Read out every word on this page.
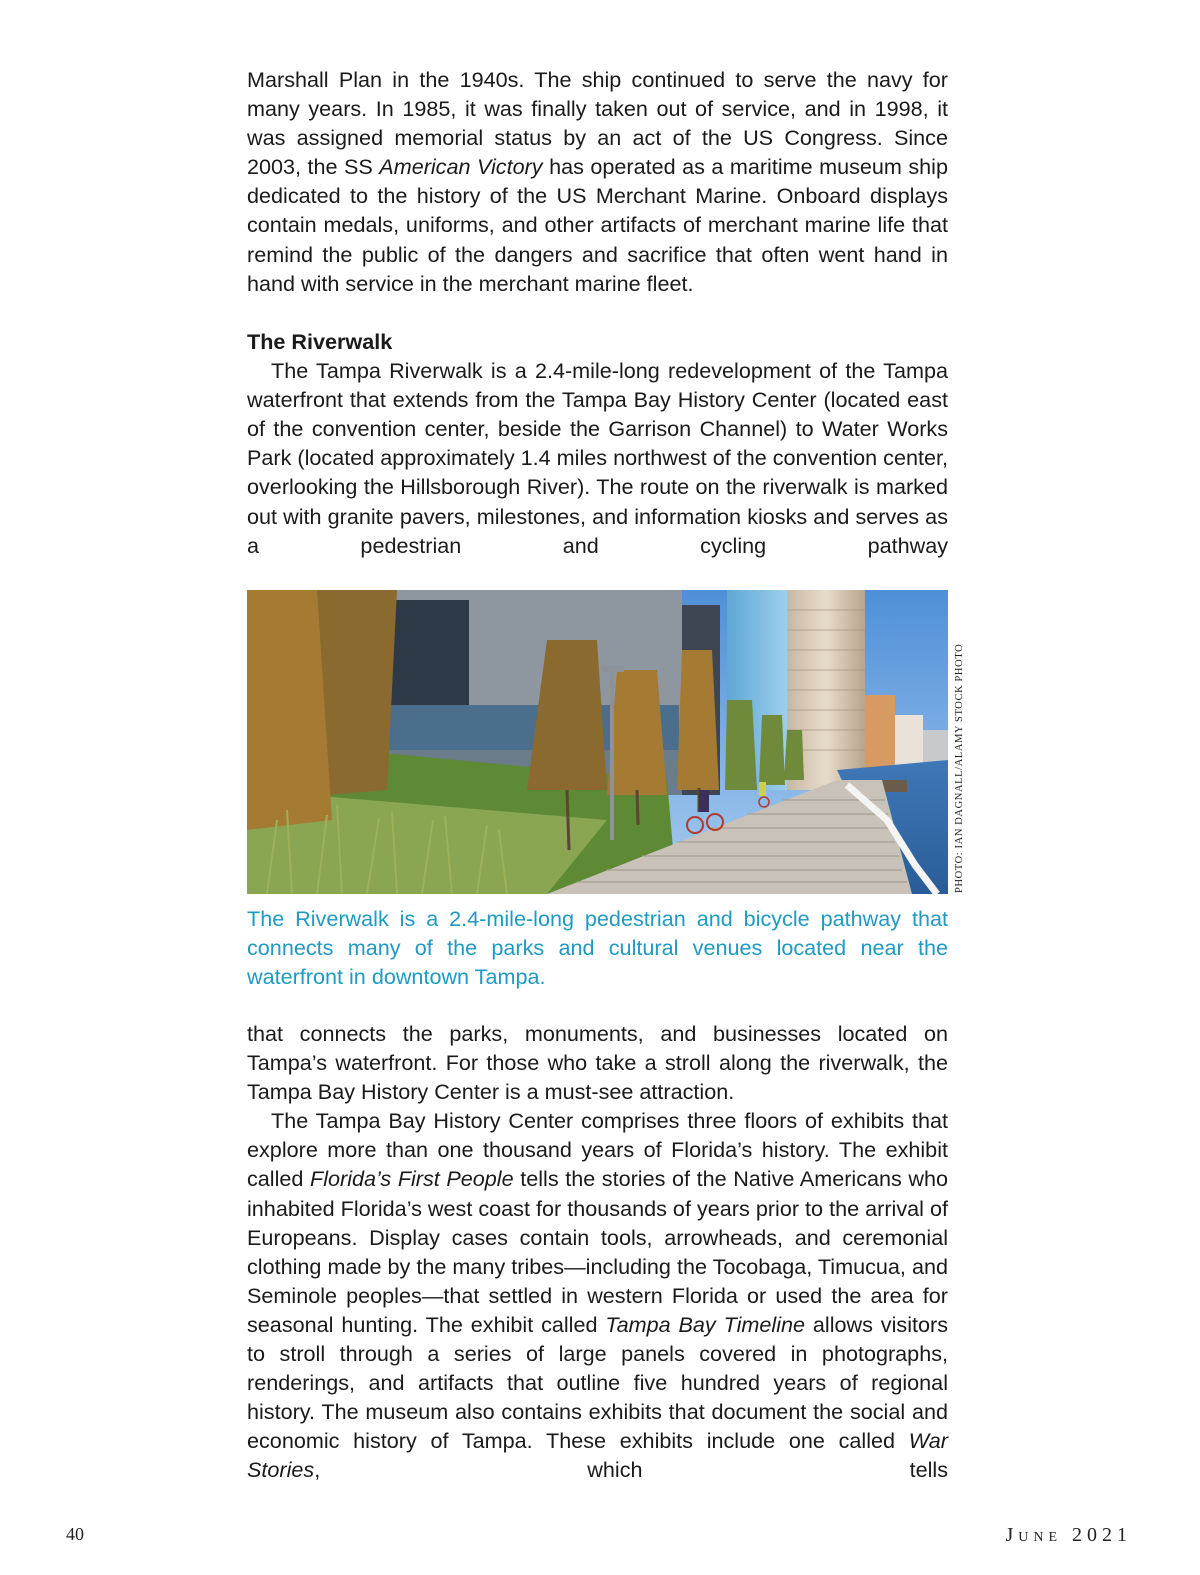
Marshall Plan in the 1940s. The ship continued to serve the navy for many years. In 1985, it was finally taken out of service, and in 1998, it was assigned memorial status by an act of the US Congress. Since 2003, the SS American Victory has operated as a maritime museum ship dedicated to the history of the US Merchant Marine. Onboard displays contain medals, uniforms, and other artifacts of merchant marine life that remind the public of the dangers and sacrifice that often went hand in hand with service in the merchant marine fleet.

The Riverwalk

The Tampa Riverwalk is a 2.4-mile-long redevelopment of the Tampa waterfront that extends from the Tampa Bay History Center (located east of the convention center, beside the Garrison Channel) to Water Works Park (located approximately 1.4 miles northwest of the convention center, overlooking the Hillsborough River). The route on the riverwalk is marked out with granite pavers, milestones, and information kiosks and serves as a pedestrian and cycling pathway

PHOTO: IAN DAGNALL/ALAMY STOCK PHOTO

The Riverwalk is a 2.4-mile-long pedestrian and bicycle pathway that connects many of the parks and cultural venues located near the waterfront in downtown Tampa.

that connects the parks, monuments, and businesses located on Tampa’s waterfront. For those who take a stroll along the riverwalk, the Tampa Bay History Center is a must-see attraction.

The Tampa Bay History Center comprises three floors of exhibits that explore more than one thousand years of Florida’s history. The exhibit called Florida’s First People tells the stories of the Native Americans who inhabited Florida’s west coast for thousands of years prior to the arrival of Europeans. Display cases contain tools, arrowheads, and ceremonial clothing made by the many tribes—including the Tocobaga, Timucua, and Seminole peoples—that settled in western Florida or used the area for seasonal hunting. The exhibit called Tampa Bay Timeline allows visitors to stroll through a series of large panels covered in photographs, renderings, and artifacts that outline five hundred years of regional history. The museum also contains exhibits that document the social and economic history of Tampa. These exhibits include one called War Stories, which tells

40	June 2021
